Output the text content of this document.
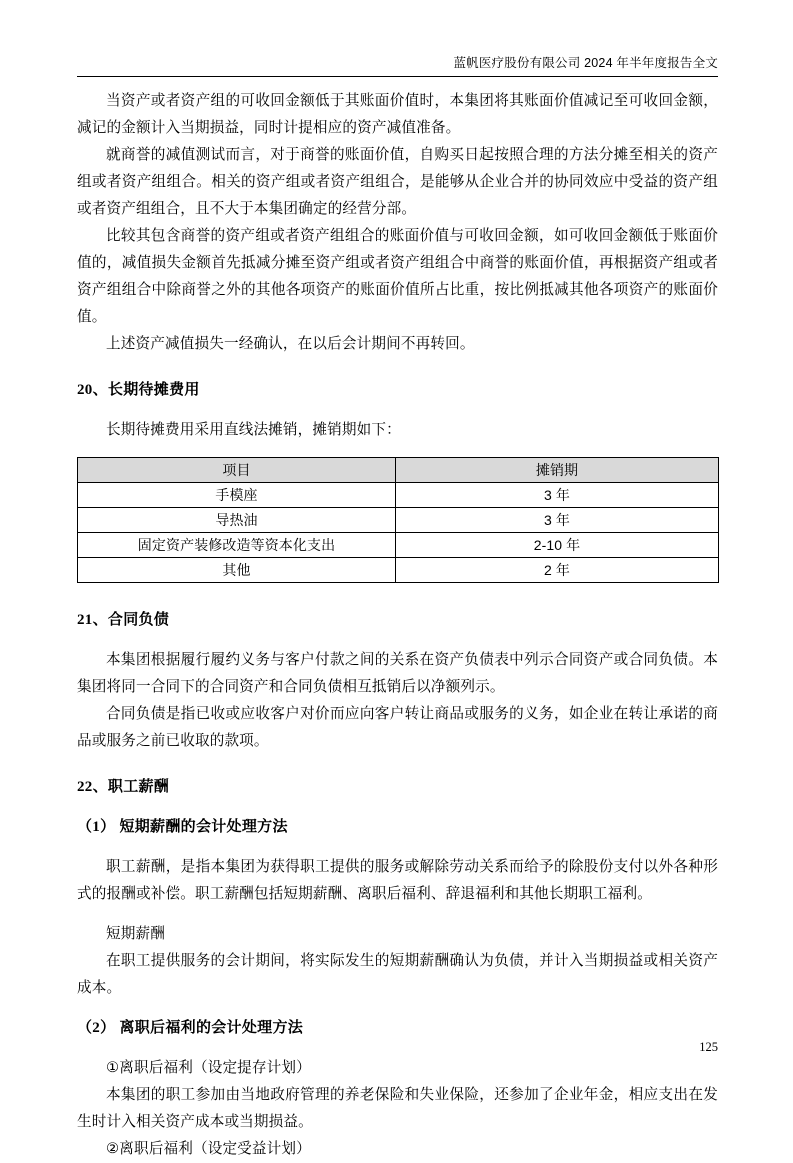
蓝帆医疗股份有限公司 2024 年半年度报告全文

当资产或者资产组的可收回金额低于其账面价值时，本集团将其账面价值减记至可收回金额，减记的金额计入当期损益，同时计提相应的资产减值准备。

就商誉的减值测试而言，对于商誉的账面价值，自购买日起按照合理的方法分摊至相关的资产组或者资产组组合。相关的资产组或者资产组组合，是能够从企业合并的协同效应中受益的资产组或者资产组组合，且不大于本集团确定的经营分部。

比较其包含商誉的资产组或者资产组组合的账面价值与可收回金额，如可收回金额低于账面价值的，减值损失金额首先抵减分摊至资产组或者资产组组合中商誉的账面价值，再根据资产组或者资产组组合中除商誉之外的其他各项资产的账面价值所占比重，按比例抵减其他各项资产的账面价值。

上述资产减值损失一经确认，在以后会计期间不再转回。

20、长期待摊费用

长期待摊费用采用直线法摊销，摊销期如下：

项目	摊销期
手模座	3 年
导热油	3 年
固定资产装修改造等资本化支出	2-10 年
其他	2 年
21、合同负债

本集团根据履行履约义务与客户付款之间的关系在资产负债表中列示合同资产或合同负债。本集团将同一合同下的合同资产和合同负债相互抵销后以净额列示。

合同负债是指已收或应收客户对价而应向客户转让商品或服务的义务，如企业在转让承诺的商品或服务之前已收取的款项。

22、职工薪酬
（1） 短期薪酬的会计处理方法

职工薪酬，是指本集团为获得职工提供的服务或解除劳动关系而给予的除股份支付以外各种形式的报酬或补偿。职工薪酬包括短期薪酬、离职后福利、辞退福利和其他长期职工福利。

短期薪酬

在职工提供服务的会计期间，将实际发生的短期薪酬确认为负债，并计入当期损益或相关资产成本。

（2） 离职后福利的会计处理方法

①离职后福利（设定提存计划）

本集团的职工参加由当地政府管理的养老保险和失业保险，还参加了企业年金，相应支出在发生时计入相关资产成本或当期损益。

②离职后福利（设定受益计划）

125
